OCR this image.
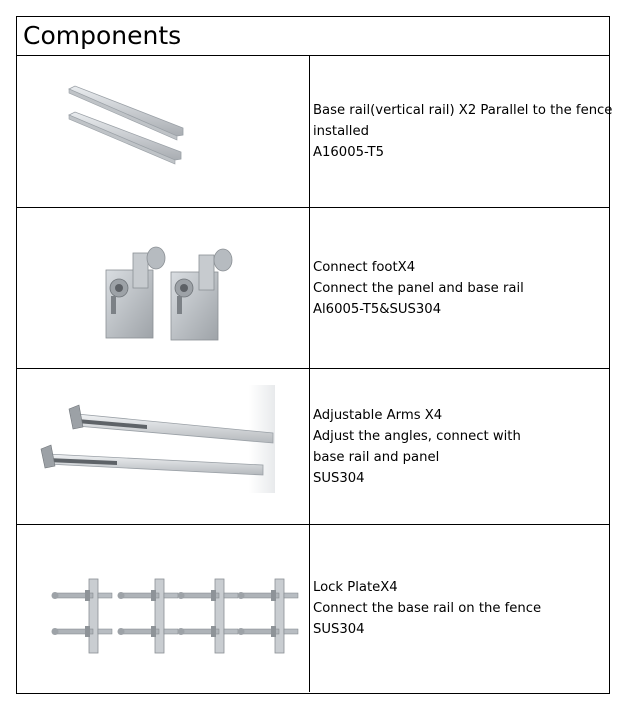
Components
Base rail(vertical rail) X2 Parallel to the fence
installed
A16005-T5
Connect footX4
Connect the panel and base rail
Al6005-T5&SUS304
Adjustable Arms X4
Adjust the angles, connect with
base rail and panel
SUS304
Lock PlateX4
Connect the base rail on the fence
SUS304
